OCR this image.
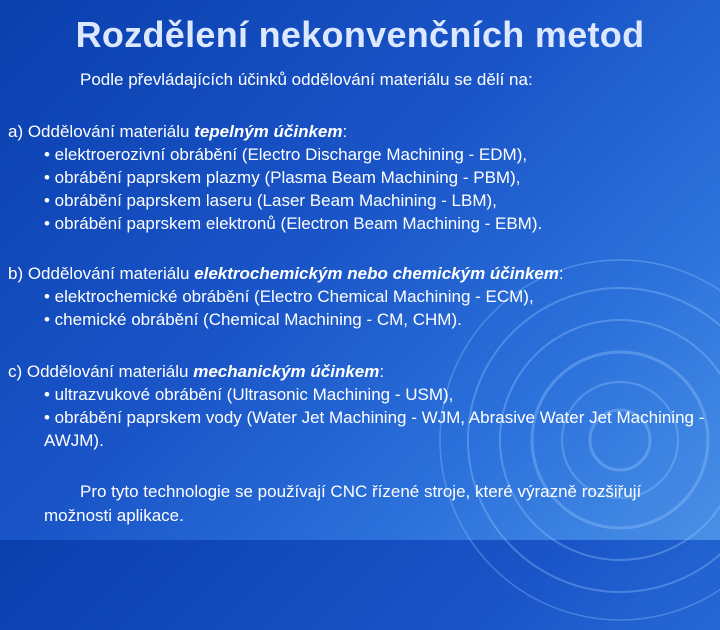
Rozdělení nekonvenčních metod
Podle převládajících účinků oddělování materiálu se dělí na:

a) Oddělování materiálu tepelným účinkem:

• elektroerozivní obrábění (Electro Discharge Machining - EDM),

• obrábění paprskem plazmy (Plasma Beam Machining - PBM),

• obrábění paprskem laseru (Laser Beam Machining - LBM),

• obrábění paprskem elektronů (Electron Beam Machining - EBM).

b) Oddělování materiálu elektrochemickým nebo chemickým účinkem:

• elektrochemické obrábění (Electro Chemical Machining - ECM),

• chemické obrábění (Chemical Machining - CM, CHM).

c) Oddělování materiálu mechanickým účinkem:

• ultrazvukové obrábění (Ultrasonic Machining - USM),

• obrábění paprskem vody (Water Jet Machining - WJM, Abrasive Water Jet Machining - AWJM).

Pro tyto technologie se používají CNC řízené stroje, které výrazně rozšiřují možnosti aplikace.
